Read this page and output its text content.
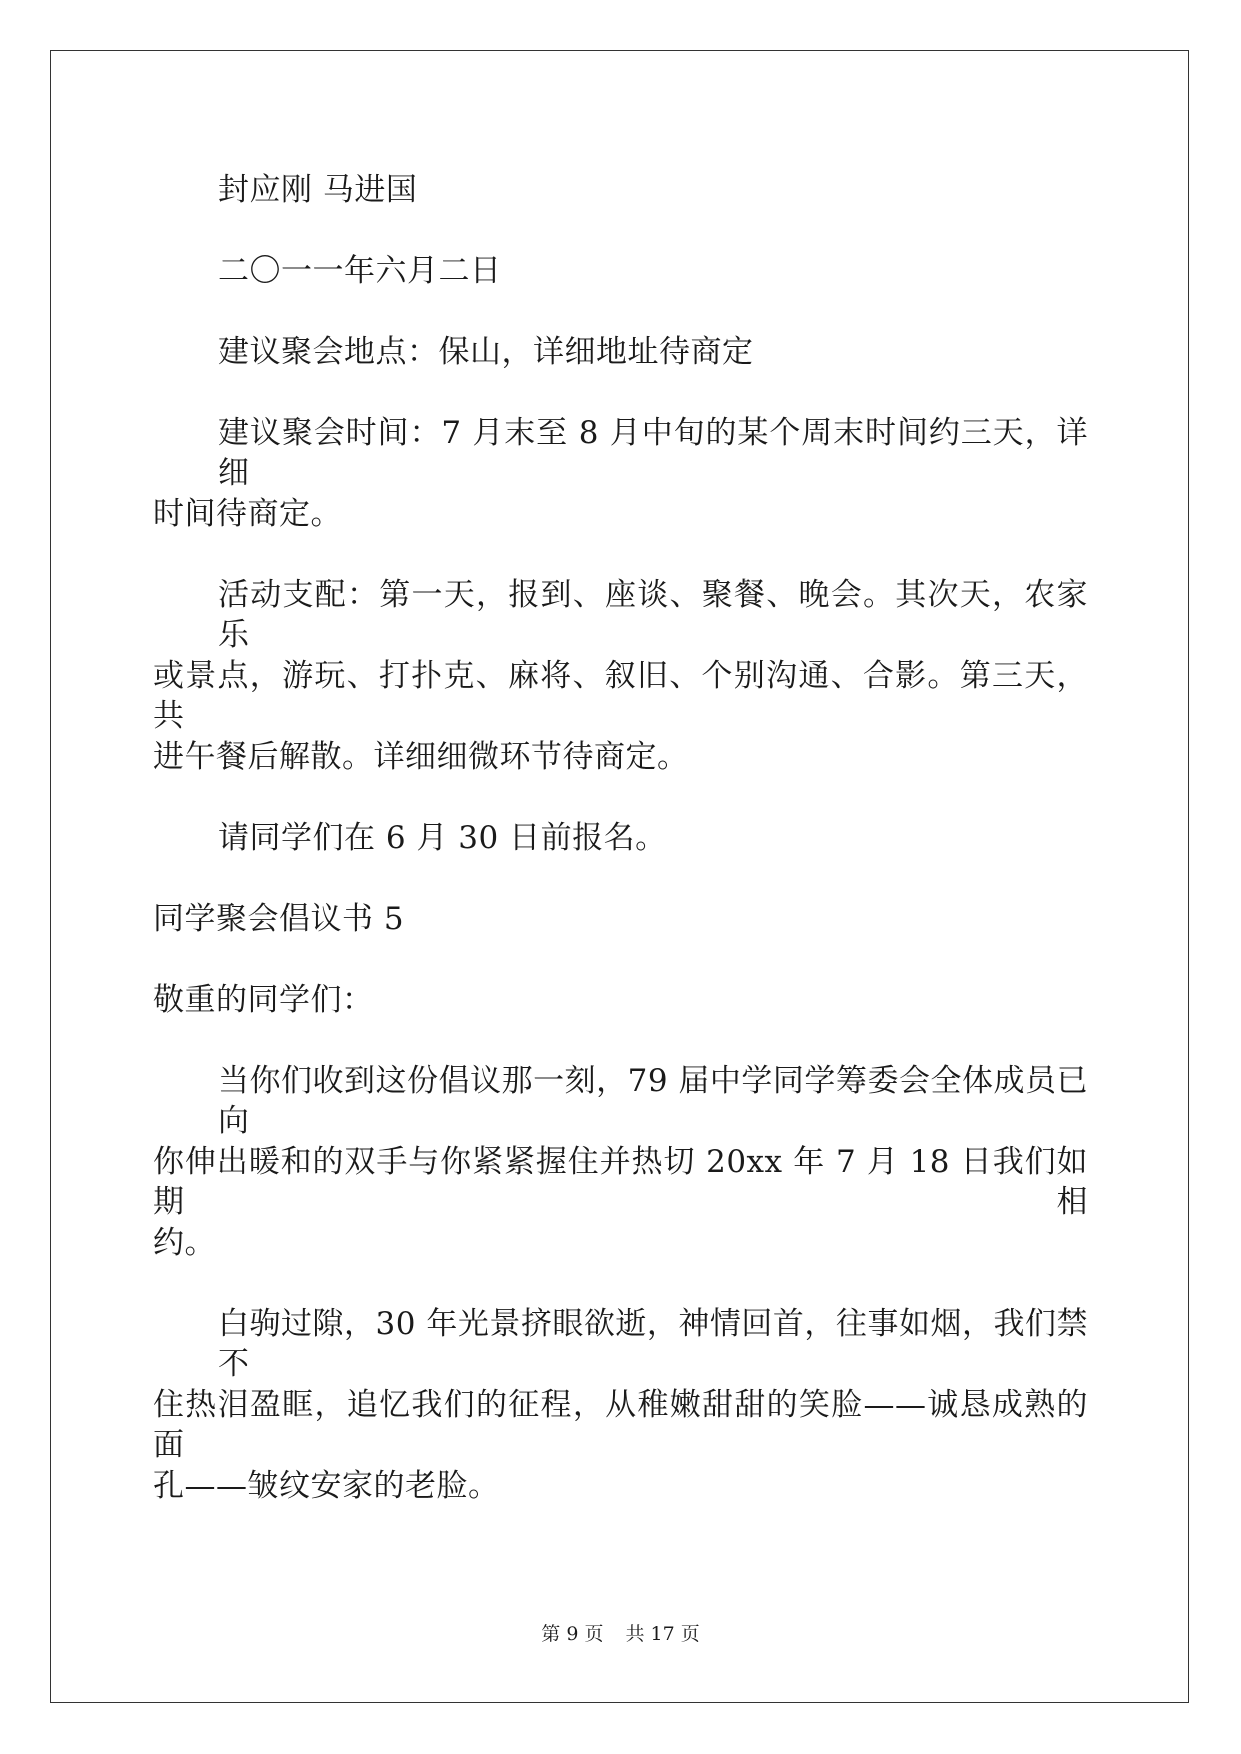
封应刚 马进国
二〇一一年六月二日
建议聚会地点：保山，详细地址待商定
建议聚会时间：7 月末至 8 月中旬的某个周末时间约三天，详细
时间待商定。
活动支配：第一天，报到、座谈、聚餐、晚会。其次天，农家乐
或景点，游玩、打扑克、麻将、叙旧、个别沟通、合影。第三天，共
进午餐后解散。详细细微环节待商定。
请同学们在 6 月 30 日前报名。
同学聚会倡议书 5
敬重的同学们：
当你们收到这份倡议那一刻，79 届中学同学筹委会全体成员已向
你伸出暖和的双手与你紧紧握住并热切 20xx 年 7 月 18 日我们如期相
约。
白驹过隙，30 年光景挤眼欲逝，神情回首，往事如烟，我们禁不
住热泪盈眶，追忆我们的征程，从稚嫩甜甜的笑脸——诚恳成熟的面
孔——皱纹安家的老脸。
第 9 页 共 17 页
